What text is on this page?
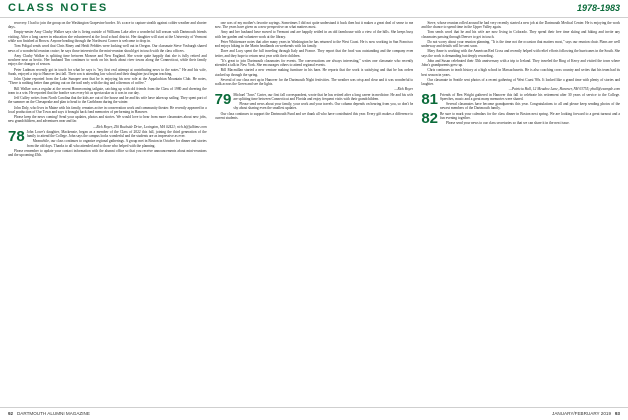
CLASS NOTES	1978-1983

recovery. I had to join the group on the Washington Grapevine border. It's a race to capture stealth against colder weather and shorter days.

Empty-nester Amy Clasby Walker says she is living outside of Williams Lake after a wonderful fall season with Dartmouth friends visiting. After a long career in education she volunteered at the local school district. Her daughter will start at the University of Vermont while son finished at Brown. Anyone heading through the Northwest Corner is welcome to drop in.

Tom Poligal sends word that Chris Riney and Heidi Pebbles were looking well out in Oregon. Our classmate Steve Vosburgh shared news of a wonderful reunion cruise; he says those interested in the mini-reunion should get in touch with the class officers.

Amy Clasby Walker is splitting time between Monroe and New England. She wrote quite happily that she is fully retired and nowhere near as hectic. Her husband Tim continues to work on his book about river towns along the Connecticut, while their family enjoys the changes of season.

Peter Ludman recently got in touch for what he says is "my first real attempt at contributing news to the notes." He and his wife, Sarah, enjoyed a trip to Hanover last fall. Their son is attending law school and their daughter just began teaching.

John Quine reported from the Lake Sunapee area that he is enjoying his new role at the Appalachian Mountain Club. He notes, "There is nothing better than getting out on the trail early with the dog and a thermos of coffee."

Bill Walker was a regular at the recent Homecoming tailgate, catching up with old friends from the Class of 1980 and cheering the team to a win. He reported that the bonfire was every bit as spectacular as it was in our day.

Jeff Culley writes from North Carolina that the kids are out of the house and he and his wife have taken up sailing. They spent part of the summer on the Chesapeake and plan to head to the Caribbean during the winter.

John Daly, who lives in Maine with his family, remains active in conservation work and community theater. He recently appeared in a local production of Our Town and says it brought back fond memories of performing in Hanover.

Please keep the news coming! Send your updates, photos and stories. We would love to hear from more classmates about new jobs, new grandchildren, and adventures near and far.

—Rick Boyer, 256 Buckside Drive, Lexington, MA 02421; rich.b@fulltime.com

78 John Lowe's daughter, Mackenzie, began as a member of the Class of 2022 this fall, joining the third generation of the family to attend the College. John says the campus looks wonderful and the students are as impressive as ever.

Meanwhile, our class continues to organize regional gatherings. A group met in Boston in October for dinner and stories from the old days. Thanks to all who attended and to those who helped with the planning.

Please remember to update your contact information with the alumni office so that you receive announcements about mini-reunions and the upcoming 45th.

one was of my mother's favorite sayings. Sometimes I did not quite understand it back then but it makes a great deal of sense to me now. The years have given us a new perspective on what matters most.

Amy and her husband have moved to Vermont and are happily settled in an old farmhouse with a view of the hills. She keeps busy with her garden and volunteer work at the library.

Peter Whittemore notes that after many years in Washington he has returned to the West Coast. He is now working in San Francisco and enjoys hiking in the Marin headlands on weekends with his family.

Dave and Lucy spent the fall traveling through Italy and France. They report that the food was outstanding and the company even better, and they hope to return next year with their children.

"It's great to join Dartmouth classmates for events. The conversations are always interesting," writes one classmate who recently attended a talk in New York. She encourages others to attend regional events.

Bill Macmillan started a new venture making furniture in his barn. He reports that the work is satisfying and that he has orders stacked up through the spring.

Several of our class met up in Hanover for the Dartmouth Night festivities. The weather was crisp and clear and it was wonderful to walk across the Green and see the lights.

—Rick Boyer

79 Michael "Jaws" Carter, our first fall correspondent, wrote that he has retired after a long career in medicine. He and his wife are splitting time between Connecticut and Florida and enjoy frequent visits with their grandchildren.

Please send news about your family, your work and your travels. Our column depends on hearing from you, so don't be shy about sharing even the smallest updates.

Our class continues to support the Dartmouth Fund and we thank all who have contributed this year. Every gift makes a difference to current students.

Steve, whose reunion rolled around he had very recently started a new job at the Dartmouth Medical Center. He is enjoying the work and the chance to spend time in the Upper Valley again.

Tom sends word that he and his wife are now living in Colorado. They spend their free time skiing and hiking and invite any classmates passing through Denver to get in touch.

Do not worry about your reunion planning. "It is the time not the occasion that matters most," says our reunion chair. Plans are well underway and details will be sent soon.

Mary Anne is working with the American Red Cross and recently helped with relief efforts following the hurricanes in the South. She says the work is demanding but deeply rewarding.

John and Susan celebrated their 35th anniversary with a trip to Ireland. They traveled the Ring of Kerry and visited the town where John's grandparents grew up.

Chris continues to teach history at a high school in Massachusetts. He is also coaching cross country and writes that his team had its best season in years.

Our classmate in Seattle sent photos of a recent gathering of West Coast '80s. It looked like a grand time with plenty of stories and laughter.

—Patricia Hall, 12 Meadow Lane, Hanover, NH 03755; phall@example.com

81 Friends of Ben Wright gathered in Hanover this fall to celebrate his retirement after 30 years of service to the College. Speeches, music and a great many memories were shared.

Several classmates have become grandparents this year. Congratulations to all and please keep sending photos of the newest members of the Dartmouth family.

82 Be sure to mark your calendars for the class dinner in Boston next spring. We are looking forward to a great turnout and a fun evening together.

Please send your news to our class secretaries so that we can share it in the next issue.

92 DARTMOUTH ALUMNI MAGAZINE	JANUARY/FEBRUARY 2019 93
